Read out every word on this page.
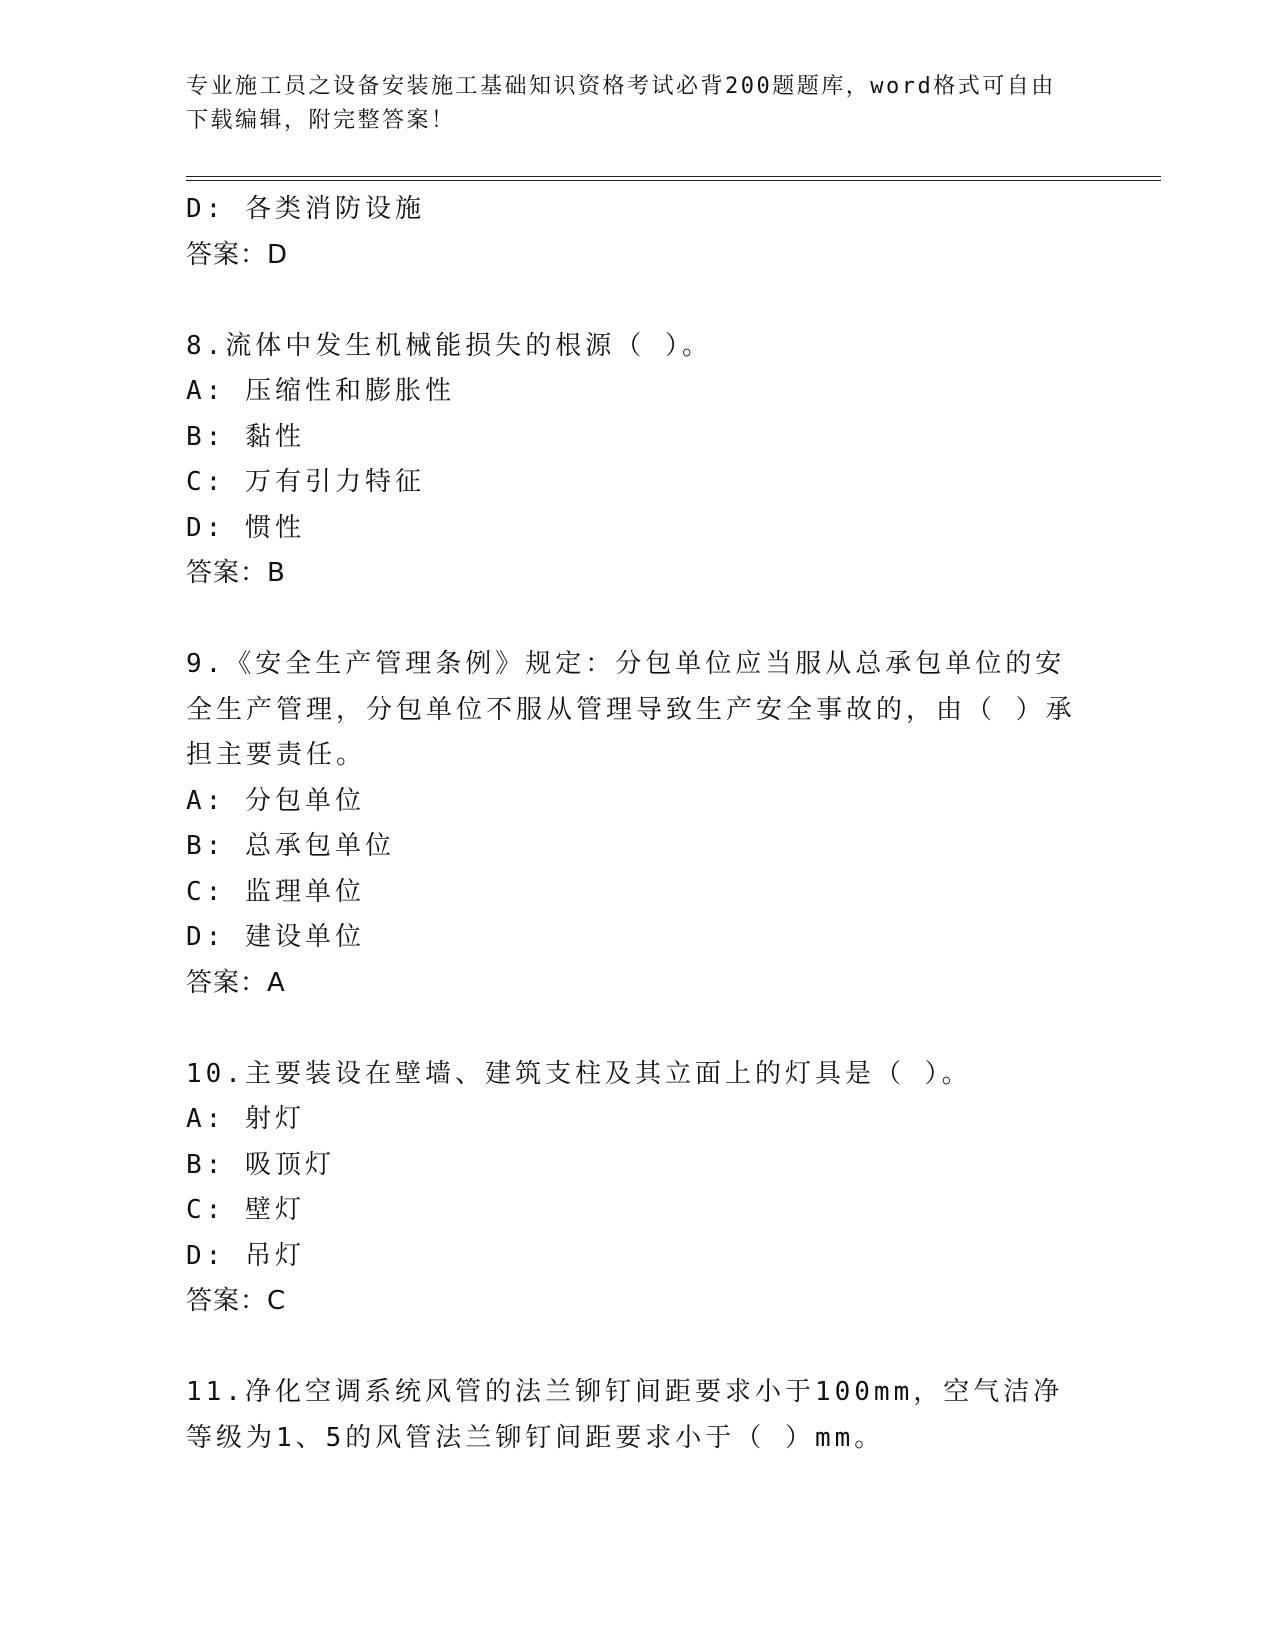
专业施工员之设备安装施工基础知识资格考试必背200题题库，word格式可自由下载编辑，附完整答案！

D: 各类消防设施

答案：D

8.流体中发生机械能损失的根源（ ）。

A: 压缩性和膨胀性

B: 黏性

C: 万有引力特征

D: 惯性

答案：B

9.《安全生产管理条例》规定：分包单位应当服从总承包单位的安全生产管理，分包单位不服从管理导致生产安全事故的，由（ ）承担主要责任。

A: 分包单位

B: 总承包单位

C: 监理单位

D: 建设单位

答案：A

10.主要装设在壁墙、建筑支柱及其立面上的灯具是（ ）。

A: 射灯

B: 吸顶灯

C: 壁灯

D: 吊灯

答案：C

11.净化空调系统风管的法兰铆钉间距要求小于100mm，空气洁净等级为1、5的风管法兰铆钉间距要求小于（ ）mm。
